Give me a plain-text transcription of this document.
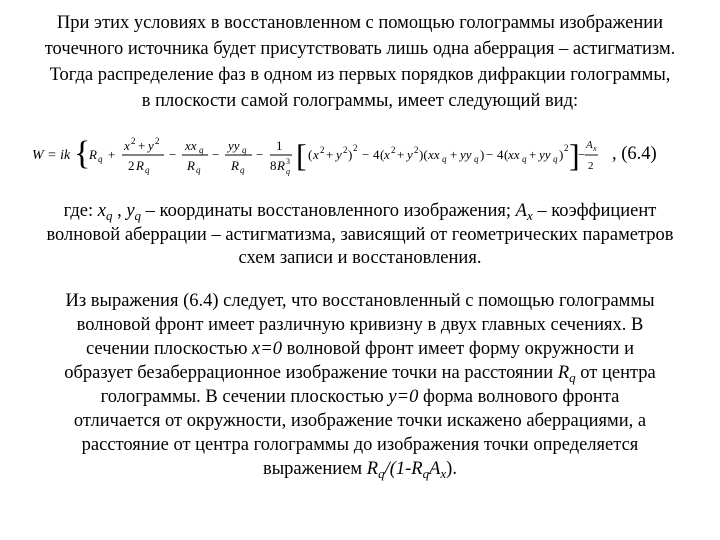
При этих условиях в восстановленном с помощью голограммы изображении
точечного источника будет присутствовать лишь одна аберрация – астигматизм.
Тогда распределение фаз в одном из первых порядков дифракции голограммы,
в плоскости самой голограммы, имеет следующий вид:
W = ik {
R q +
x 2 + y 2
2 R q
−
xx q
R q
−
yy q
R q
−
1
8 R 3
q [ ( x 2 + y 2 ) 2 − 4 ( x 2 + y 2 )( xx q + yy q ) − 4 ( xx q + yy q ) 2 ]
−
A x
2
, (6.4)
где: $x_q$ , $y_q$ – координаты восстановленного изображения; $A_x$ – коэффициент
волновой аберрации – астигматизма, зависящий от геометрических параметров
схем записи и восстановления.
Из выражения (6.4) следует, что восстановленный с помощью голограммы
волновой фронт имеет различную кривизну в двух главных сечениях. В
сечении плоскостью x=0 волновой фронт имеет форму окружности и
образует безаберрационное изображение точки на расстоянии $R_q$ от центра
голограммы. В сечении плоскостью y=0 форма волнового фронта
отличается от окружности, изображение точки искажено аберрациями, а
расстояние от центра голограммы до изображения точки определяется
выражением $R_q/(1-R_qA_x)$.
